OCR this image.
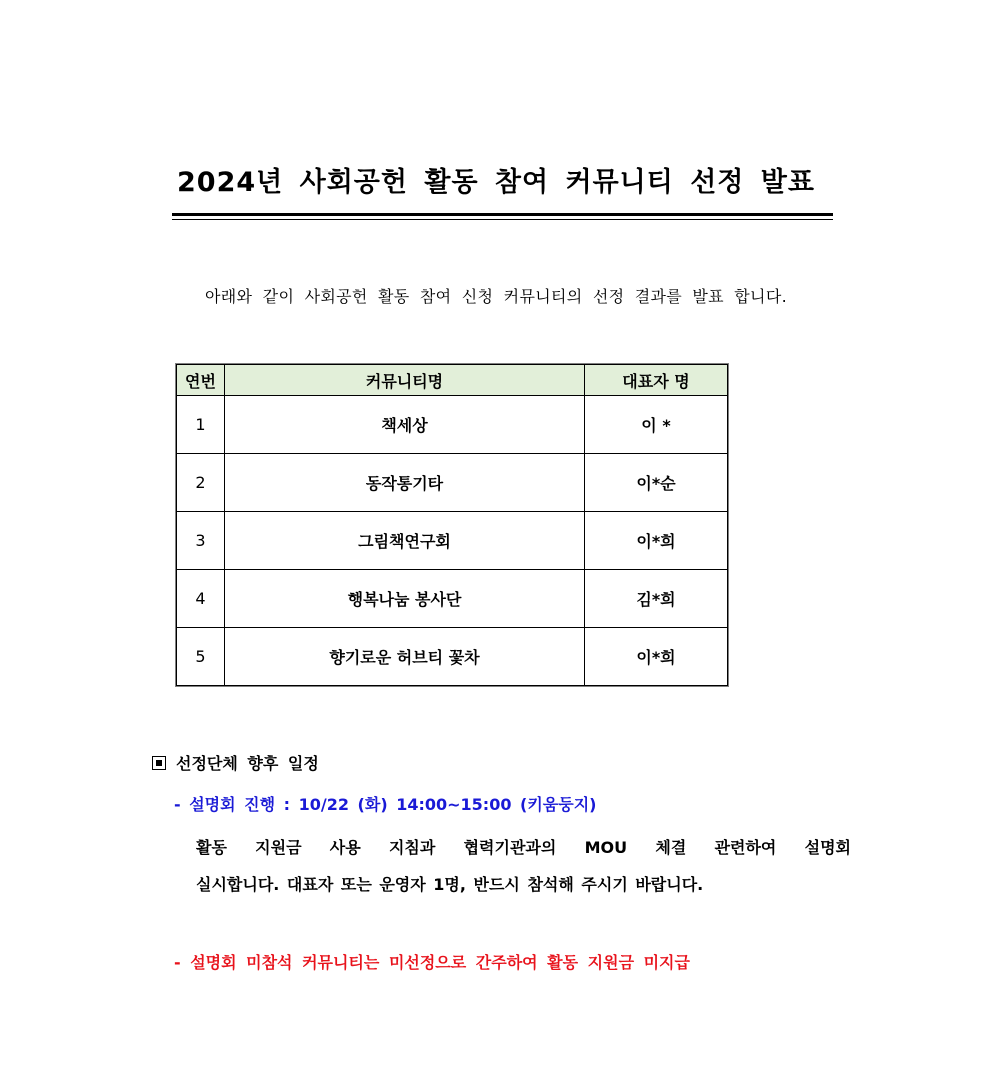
2024년 사회공헌 활동 참여 커뮤니티 선정 발표
아래와 같이 사회공헌 활동 참여 신청 커뮤니티의 선정 결과를 발표 합니다.
연번	커뮤니티명	대표자 명
1	책세상	이 *
2	동작통기타	이*순
3	그림책연구회	이*희
4	행복나눔 봉사단	김*희
5	향기로운 허브티 꽃차	이*희
선정단체 향후 일정
- 설명회 진행 : 10/22 (화) 14:00~15:00 (키움둥지)
활동 지원금 사용 지침과 협력기관과의 MOU 체결 관련하여 설명회
실시합니다. 대표자 또는 운영자 1명, 반드시 참석해 주시기 바랍니다.
- 설명회 미참석 커뮤니티는 미선정으로 간주하여 활동 지원금 미지급
